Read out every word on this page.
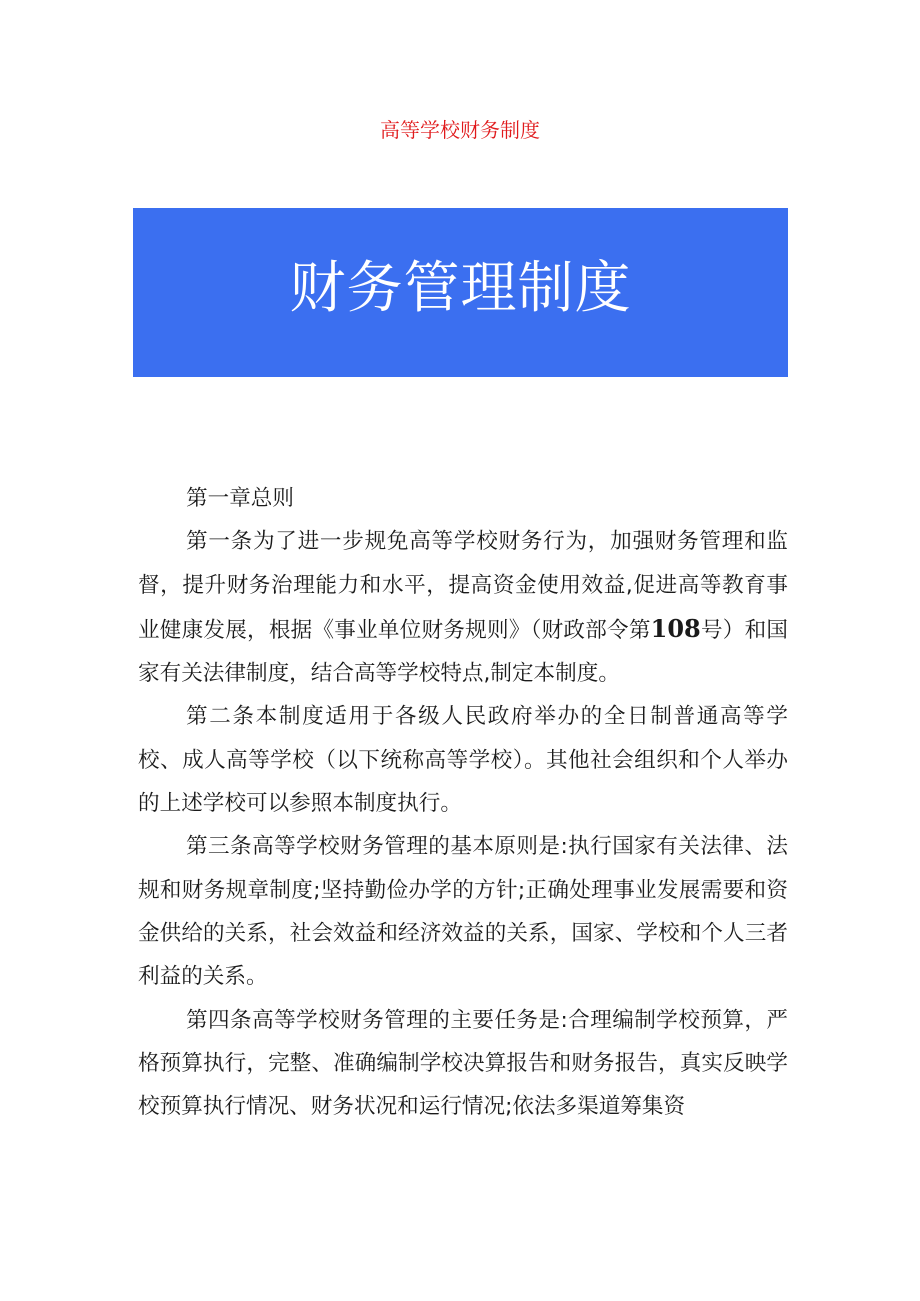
高等学校财务制度
财务管理制度

第一章总则

第一条为了进一步规免高等学校财务行为，加强财务管理和监督，提升财务治理能力和水平，提高资金使用效益,促进高等教育事业健康发展，根据《事业单位财务规则》（财政部令第108号）和国家有关法律制度，结合高等学校特点,制定本制度。

第二条本制度适用于各级人民政府举办的全日制普通高等学校、成人高等学校（以下统称高等学校）。其他社会组织和个人举办的上述学校可以参照本制度执行。

第三条高等学校财务管理的基本原则是:执行国家有关法律、法规和财务规章制度;坚持勤俭办学的方针;正确处理事业发展需要和资金供给的关系，社会效益和经济效益的关系，国家、学校和个人三者利益的关系。

第四条高等学校财务管理的主要任务是:合理编制学校预算，严格预算执行，完整、准确编制学校决算报告和财务报告，真实反映学校预算执行情况、财务状况和运行情况;依法多渠道筹集资
